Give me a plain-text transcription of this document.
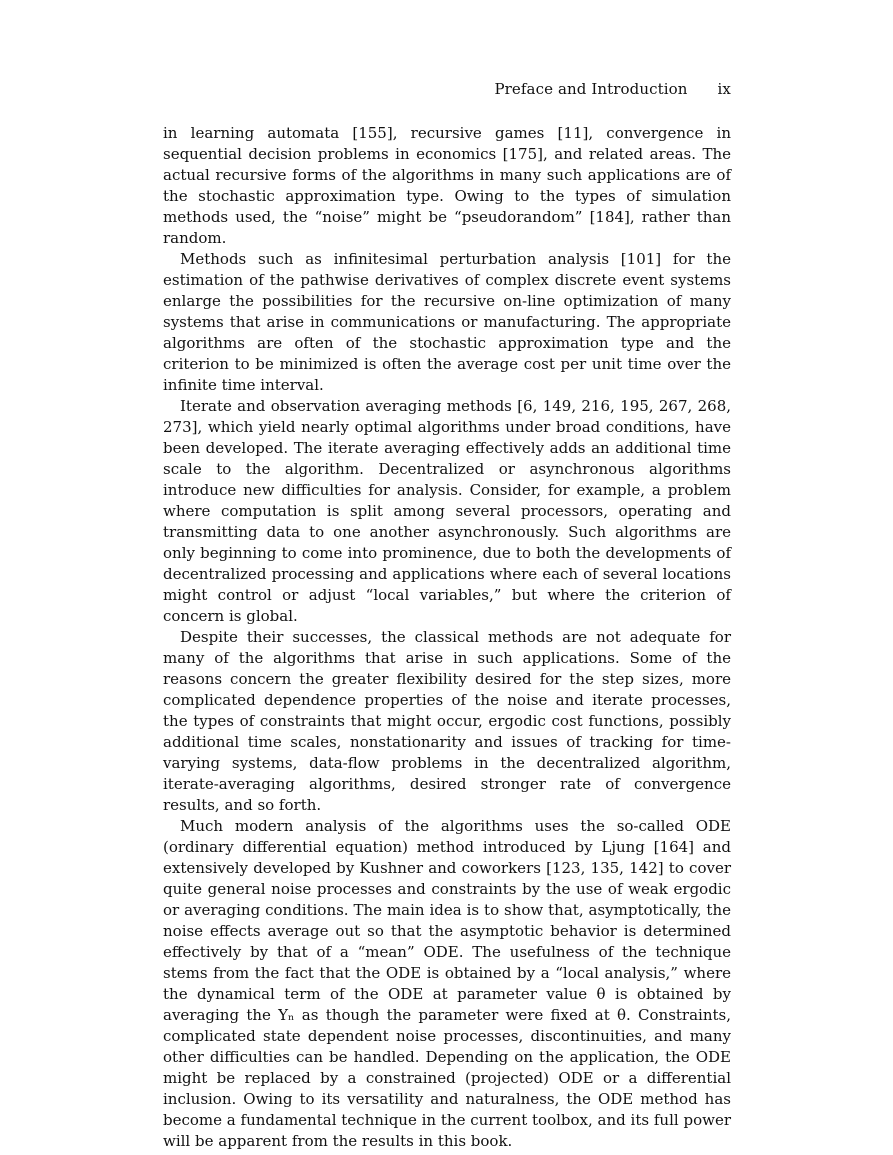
Preface and Introduction ix

in learning automata [155], recursive games [11], convergence in sequential decision problems in economics [175], and related areas. The actual recursive forms of the algorithms in many such applications are of the stochastic approximation type. Owing to the types of simulation methods used, the “noise” might be “pseudorandom” [184], rather than random.

Methods such as infinitesimal perturbation analysis [101] for the estimation of the pathwise derivatives of complex discrete event systems enlarge the possibilities for the recursive on-line optimization of many systems that arise in communications or manufacturing. The appropriate algorithms are often of the stochastic approximation type and the criterion to be minimized is often the average cost per unit time over the infinite time interval.

Iterate and observation averaging methods [6, 149, 216, 195, 267, 268, 273], which yield nearly optimal algorithms under broad conditions, have been developed. The iterate averaging effectively adds an additional time scale to the algorithm. Decentralized or asynchronous algorithms introduce new difficulties for analysis. Consider, for example, a problem where computation is split among several processors, operating and transmitting data to one another asynchronously. Such algorithms are only beginning to come into prominence, due to both the developments of decentralized processing and applications where each of several locations might control or adjust “local variables,” but where the criterion of concern is global.

Despite their successes, the classical methods are not adequate for many of the algorithms that arise in such applications. Some of the reasons concern the greater flexibility desired for the step sizes, more complicated dependence properties of the noise and iterate processes, the types of constraints that might occur, ergodic cost functions, possibly additional time scales, nonstationarity and issues of tracking for time-varying systems, data-flow problems in the decentralized algorithm, iterate-averaging algorithms, desired stronger rate of convergence results, and so forth.

Much modern analysis of the algorithms uses the so-called ODE (ordinary differential equation) method introduced by Ljung [164] and extensively developed by Kushner and coworkers [123, 135, 142] to cover quite general noise processes and constraints by the use of weak ergodic or averaging conditions. The main idea is to show that, asymptotically, the noise effects average out so that the asymptotic behavior is determined effectively by that of a “mean” ODE. The usefulness of the technique stems from the fact that the ODE is obtained by a “local analysis,” where the dynamical term of the ODE at parameter value θ is obtained by averaging the Yₙ as though the parameter were fixed at θ. Constraints, complicated state dependent noise processes, discontinuities, and many other difficulties can be handled. Depending on the application, the ODE might be replaced by a constrained (projected) ODE or a differential inclusion. Owing to its versatility and naturalness, the ODE method has become a fundamental technique in the current toolbox, and its full power will be apparent from the results in this book.
